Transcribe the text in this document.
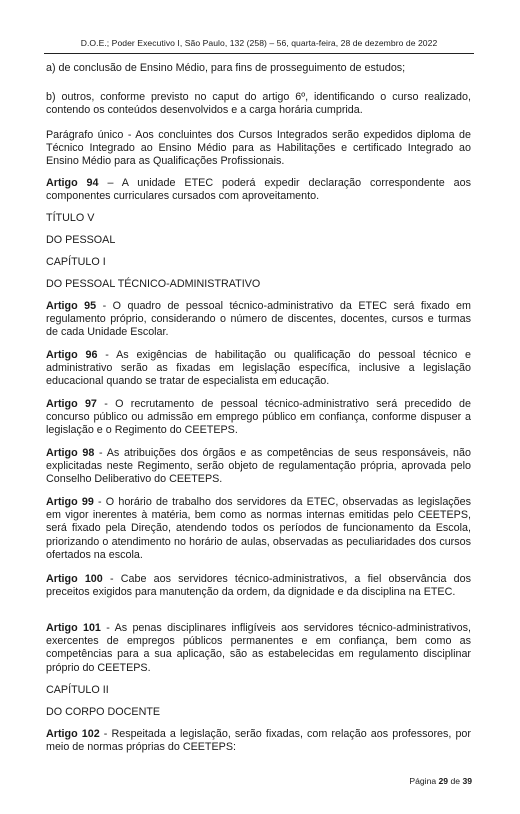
D.O.E.; Poder Executivo I, São Paulo, 132 (258) – 56, quarta-feira, 28 de dezembro de 2022

a) de conclusão de Ensino Médio, para fins de prosseguimento de estudos;

b) outros, conforme previsto no caput do artigo 6º, identificando o curso realizado, contendo os conteúdos desenvolvidos e a carga horária cumprida.

Parágrafo único - Aos concluintes dos Cursos Integrados serão expedidos diploma de Técnico Integrado ao Ensino Médio para as Habilitações e certificado Integrado ao Ensino Médio para as Qualificações Profissionais.

Artigo 94 – A unidade ETEC poderá expedir declaração correspondente aos componentes curriculares cursados com aproveitamento.

TÍTULO V

DO PESSOAL

CAPÍTULO I

DO PESSOAL TÉCNICO-ADMINISTRATIVO

Artigo 95 - O quadro de pessoal técnico-administrativo da ETEC será fixado em regulamento próprio, considerando o número de discentes, docentes, cursos e turmas de cada Unidade Escolar.

Artigo 96 - As exigências de habilitação ou qualificação do pessoal técnico e administrativo serão as fixadas em legislação específica, inclusive a legislação educacional quando se tratar de especialista em educação.

Artigo 97 - O recrutamento de pessoal técnico-administrativo será precedido de concurso público ou admissão em emprego público em confiança, conforme dispuser a legislação e o Regimento do CEETEPS.

Artigo 98 - As atribuições dos órgãos e as competências de seus responsáveis, não explicitadas neste Regimento, serão objeto de regulamentação própria, aprovada pelo Conselho Deliberativo do CEETEPS.

Artigo 99 - O horário de trabalho dos servidores da ETEC, observadas as legislações em vigor inerentes à matéria, bem como as normas internas emitidas pelo CEETEPS, será fixado pela Direção, atendendo todos os períodos de funcionamento da Escola, priorizando o atendimento no horário de aulas, observadas as peculiaridades dos cursos ofertados na escola.

Artigo 100 - Cabe aos servidores técnico-administrativos, a fiel observância dos preceitos exigidos para manutenção da ordem, da dignidade e da disciplina na ETEC.

Artigo 101 - As penas disciplinares infligíveis aos servidores técnico-administrativos, exercentes de empregos públicos permanentes e em confiança, bem como as competências para a sua aplicação, são as estabelecidas em regulamento disciplinar próprio do CEETEPS.

CAPÍTULO II

DO CORPO DOCENTE

Artigo 102 - Respeitada a legislação, serão fixadas, com relação aos professores, por meio de normas próprias do CEETEPS:

Página 29 de 39
